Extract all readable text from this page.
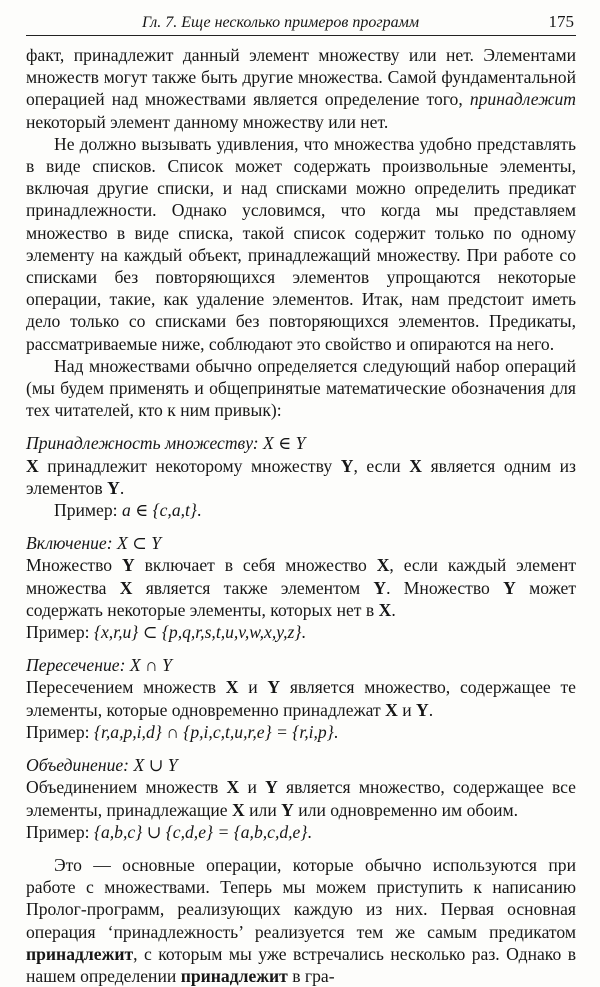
Гл. 7. Еще несколько примеров программ	175

факт, принадлежит данный элемент множеству или нет. Элементами множеств могут также быть другие множества. Самой фундаментальной операцией над множествами является определение того, принадлежит некоторый элемент данному множеству или нет.

Не должно вызывать удивления, что множества удобно представлять в виде списков. Список может содержать произвольные элементы, включая другие списки, и над списками можно определить предикат принадлежности. Однако условимся, что когда мы представляем множество в виде списка, такой список содержит только по одному элементу на каждый объект, принадлежащий множеству. При работе со списками без повторяющихся элементов упрощаются некоторые операции, такие, как удаление элементов. Итак, нам предстоит иметь дело только со списками без повторяющихся элементов. Предикаты, рассматриваемые ниже, соблюдают это свойство и опираются на него.

Над множествами обычно определяется следующий набор операций (мы будем применять и общепринятые математические обозначения для тех читателей, кто к ним привык):

Принадлежность множеству: X ∈ Y

X принадлежит некоторому множеству Y, если X является одним из элементов Y.

Пример: a ∈ {c,a,t}.
Включение: X ⊂ Y

Множество Y включает в себя множество X, если каждый элемент множества X является также элементом Y. Множество Y может содержать некоторые элементы, которых нет в X.

Пример: {x,r,u} ⊂ {p,q,r,s,t,u,v,w,x,y,z}.
Пересечение: X ∩ Y

Пересечением множеств X и Y является множество, содержащее те элементы, которые одновременно принадлежат X и Y.

Пример: {r,a,p,i,d} ∩ {p,i,c,t,u,r,e} = {r,i,p}.
Объединение: X ∪ Y

Объединением множеств X и Y является множество, содержащее все элементы, принадлежащие X или Y или одновременно им обоим.

Пример: {a,b,c} ∪ {c,d,e} = {a,b,c,d,e}.

Это — основные операции, которые обычно используются при работе с множествами. Теперь мы можем приступить к написанию Пролог-программ, реализующих каждую из них. Первая основная операция ‘принадлежность’ реализуется тем же самым предикатом принадлежит, с которым мы уже встречались несколько раз. Однако в нашем определении принадлежит в гра-
